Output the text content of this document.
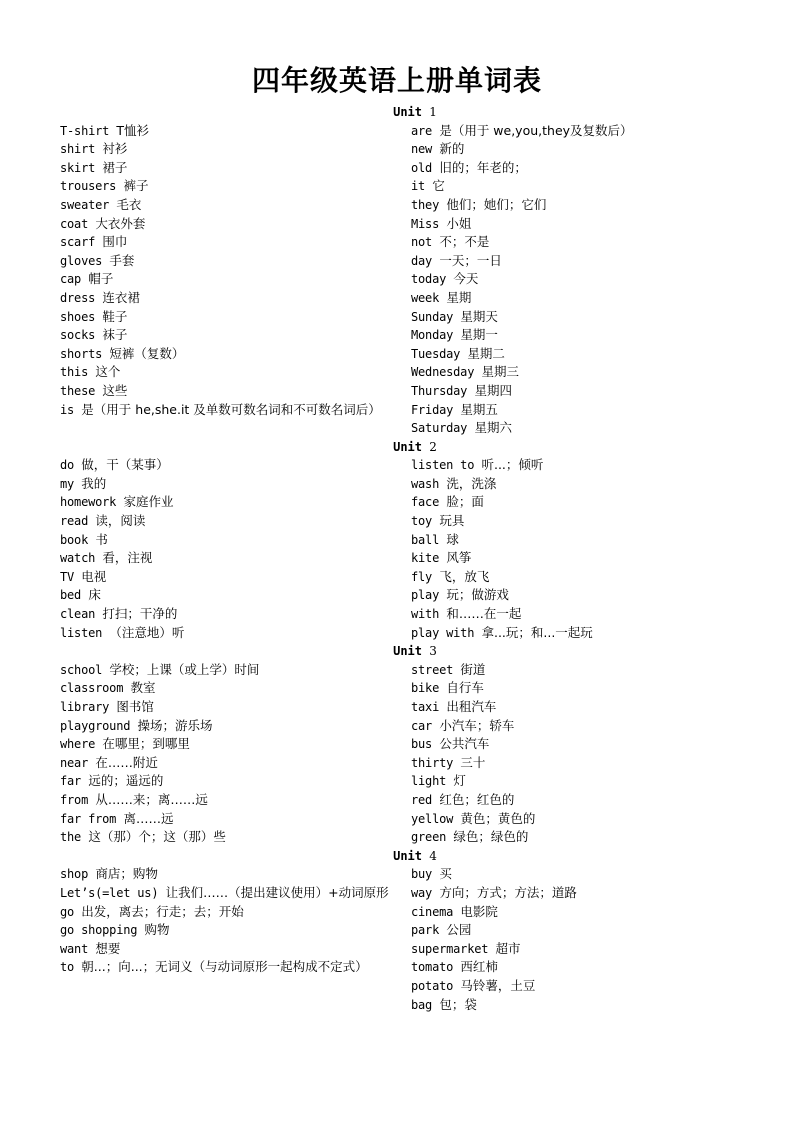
四年级英语上册单词表
Unit 1
T-shirt T恤衫
shirt 衬衫
skirt 裙子
trousers 裤子
sweater 毛衣
coat 大衣外套
scarf 围巾
gloves 手套
cap 帽子
dress 连衣裙
shoes 鞋子
socks 袜子
shorts 短裤（复数）
this 这个
these 这些
is 是（用于 he,she.it 及单数可数名词和不可数名词后）
are 是（用于 we,you,they及复数后）
new 新的
old 旧的；年老的；
it 它
they 他们；她们；它们
Miss 小姐
not 不；不是
day 一天；一日
today 今天
week 星期
Sunday 星期天
Monday 星期一
Tuesday 星期二
Wednesday 星期三
Thursday 星期四
Friday 星期五
Saturday 星期六
Unit 2
do 做，干（某事）
my 我的
homework 家庭作业
read 读，阅读
book 书
watch 看，注视
TV 电视
bed 床
clean 打扫；干净的
listen （注意地）听
listen to 听...；倾听
wash 洗，洗涤
face 脸；面
toy 玩具
ball 球
kite 风筝
fly 飞，放飞
play 玩；做游戏
with 和……在一起
play with 拿...玩；和...一起玩
Unit 3
school 学校；上课（或上学）时间
classroom 教室
library 图书馆
playground 操场；游乐场
where 在哪里；到哪里
near 在……附近
far 远的；遥远的
from 从……来；离……远
far from 离……远
the 这（那）个；这（那）些
street 街道
bike 自行车
taxi 出租汽车
car 小汽车；轿车
bus 公共汽车
thirty 三十
light 灯
red 红色；红色的
yellow 黄色；黄色的
green 绿色；绿色的
Unit 4
shop 商店；购物
Let’s(=let us) 让我们……（提出建议使用）+动词原形
go 出发，离去；行走；去；开始
go shopping 购物
want 想要
to 朝...；向...；无词义（与动词原形一起构成不定式）
buy 买
way 方向；方式；方法；道路
cinema 电影院
park 公园
supermarket 超市
tomato 西红柿
potato 马铃薯，土豆
bag 包；袋
